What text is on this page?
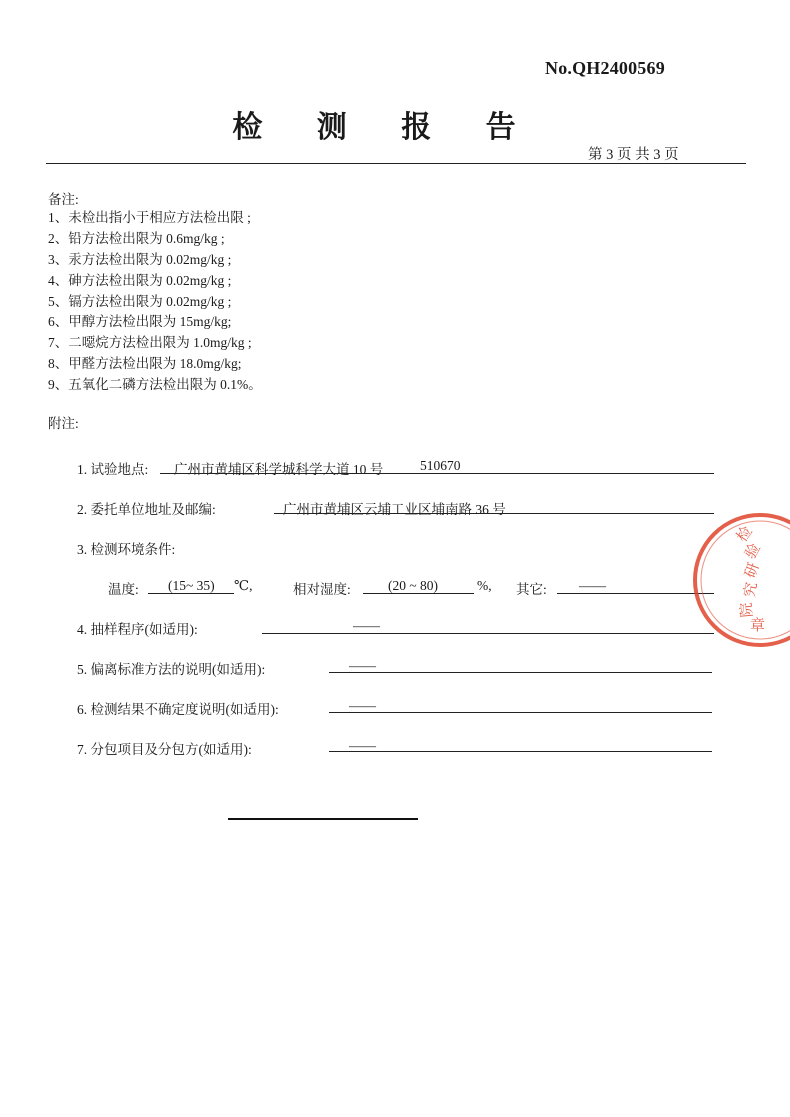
No.QH2400569
检 测 报 告
第 3 页 共 3 页
备注:
1、未检出指小于相应方法检出限 ;
2、铅方法检出限为 0.6mg/kg ;
3、汞方法检出限为 0.02mg/kg ;
4、砷方法检出限为 0.02mg/kg ;
5、镉方法检出限为 0.02mg/kg ;
6、甲醇方法检出限为 15mg/kg;
7、二噁烷方法检出限为 1.0mg/kg ;
8、甲醛方法检出限为 18.0mg/kg;
9、五氧化二磷方法检出限为 0.1%。
附注:
1. 试验地点: 广州市黄埔区科学城科学大道 10 号	510670
2. 委托单位地址及邮编:	广州市黄埔区云埔工业区埔南路 36 号
3. 检测环境条件:
温度: (15~ 35) ℃,	相对湿度:	(20 ~ 80)	%, 其它: ——
4. 抽样程序(如适用):	——
5. 偏离标准方法的说明(如适用):	——
6. 检测结果不确定度说明(如适用):	——
7. 分包项目及分包方(如适用):	——
检
验
研
究
院
章
